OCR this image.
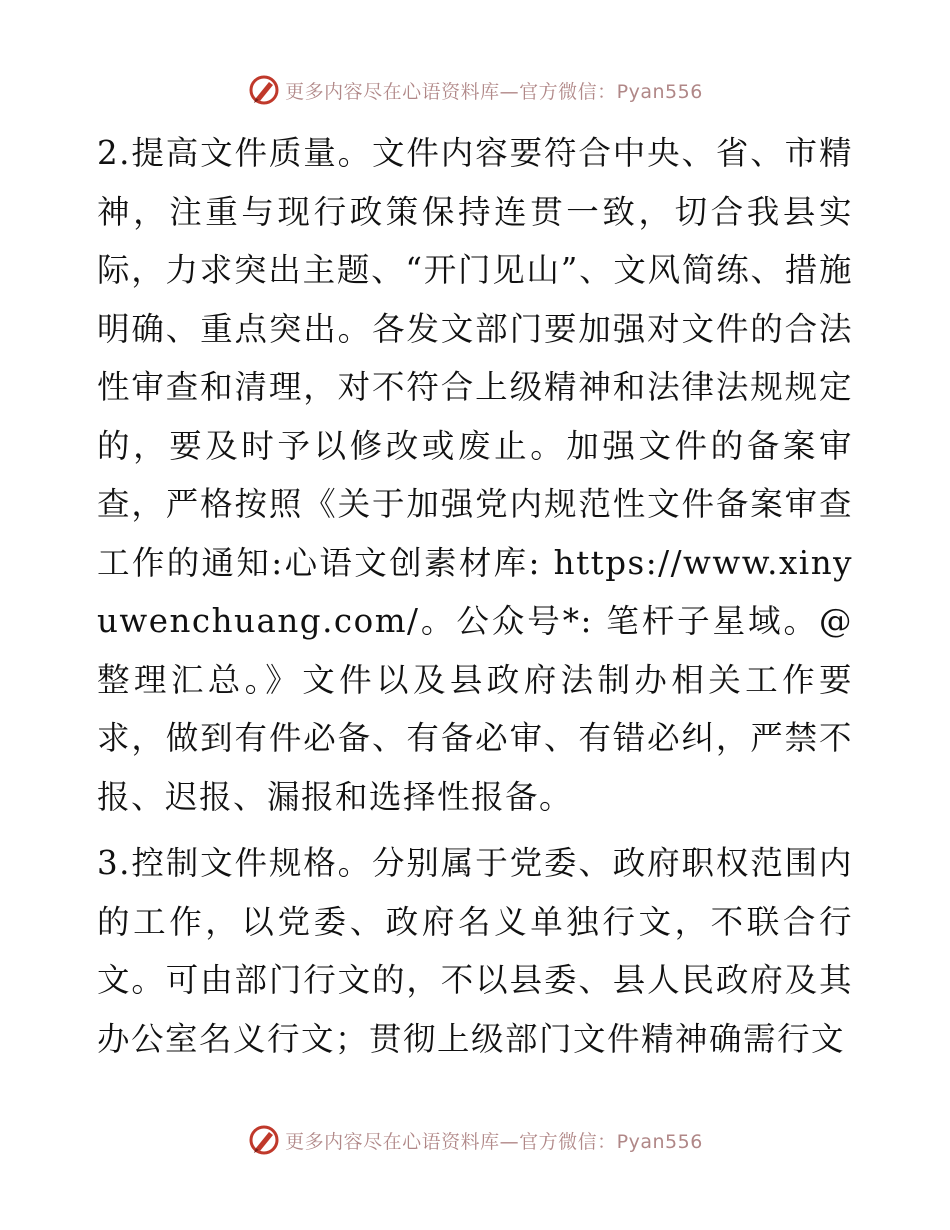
更多内容尽在心语资料库—官方微信：Pyan556

2.提高文件质量。文件内容要符合中央、省、市精神，注重与现行政策保持连贯一致，切合我县实际，力求突出主题、“开门见山”、文风简练、措施明确、重点突出。各发文部门要加强对文件的合法性审查和清理，对不符合上级精神和法律法规规定的，要及时予以修改或废止。加强文件的备案审查，严格按照《关于加强党内规范性文件备案审查工作的通知:心语文创素材库: https://www.xinyuwenchuang.com/。公众号*: 笔杆子星域。@整理汇总。》文件以及县政府法制办相关工作要求，做到有件必备、有备必审、有错必纠，严禁不报、迟报、漏报和选择性报备。

3.控制文件规格。分别属于党委、政府职权范围内的工作，以党委、政府名义单独行文，不联合行文。可由部门行文的，不以县委、县人民政府及其办公室名义行文；贯彻上级部门文件精神确需行文

更多内容尽在心语资料库—官方微信：Pyan556
